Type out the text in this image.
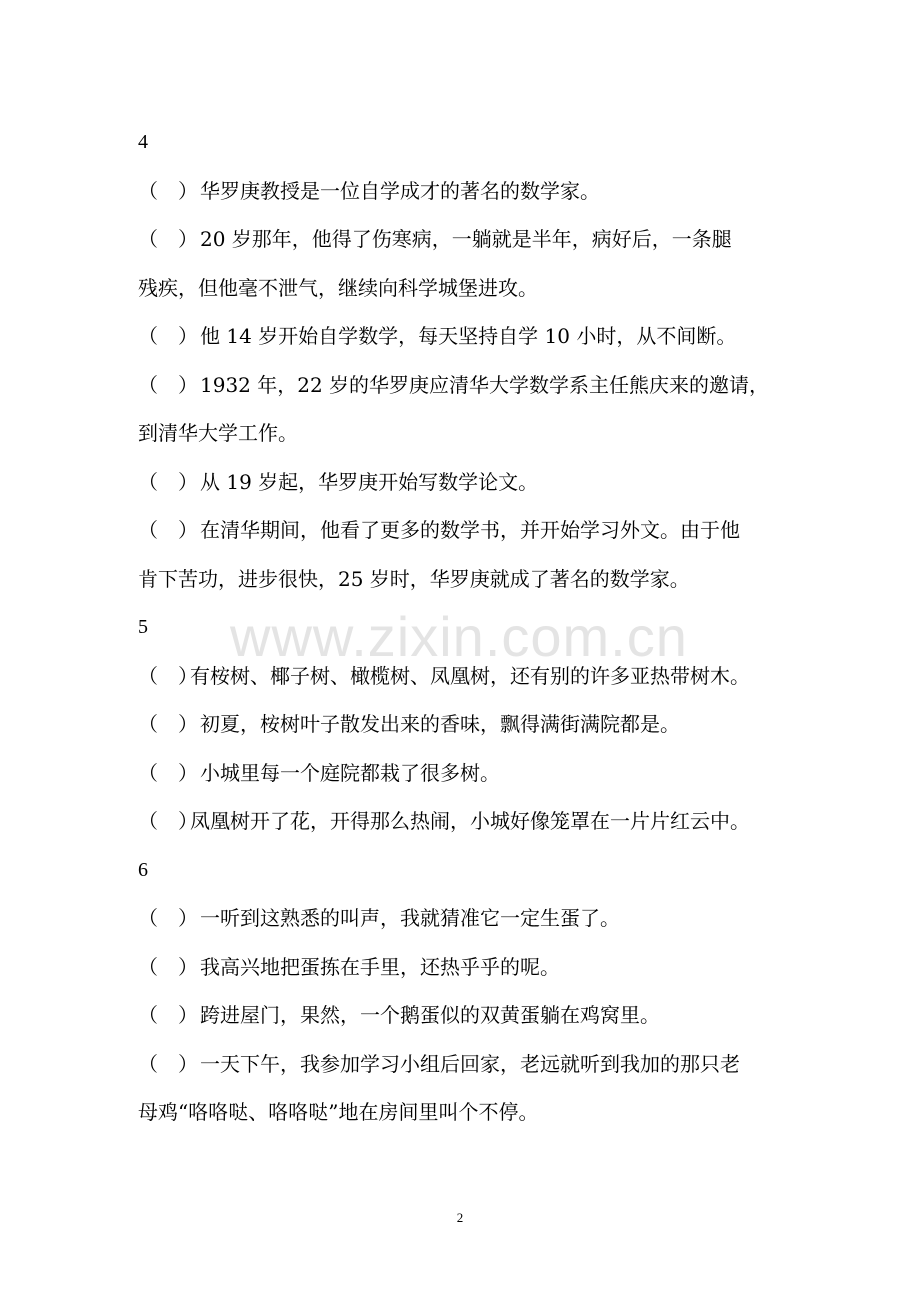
www.zixin.com.cn
4
（　） 华罗庚教授是一位自学成才的著名的数学家。
（　） 20 岁那年，他得了伤寒病，一躺就是半年，病好后，一条腿
残疾，但他毫不泄气，继续向科学城堡进攻。
（　） 他 14 岁开始自学数学，每天坚持自学 10 小时，从不间断。
（　） 1932 年，22 岁的华罗庚应清华大学数学系主任熊庆来的邀请，
到清华大学工作。
（　） 从 19 岁起，华罗庚开始写数学论文。
（　） 在清华期间，他看了更多的数学书，并开始学习外文。由于他
肯下苦功，进步很快，25 岁时，华罗庚就成了著名的数学家。
5
（　）有桉树、椰子树、橄榄树、凤凰树，还有别的许多亚热带树木。
（　） 初夏，桉树叶子散发出来的香味，飘得满街满院都是。
（　） 小城里每一个庭院都栽了很多树。
（　）凤凰树开了花，开得那么热闹，小城好像笼罩在一片片红云中。
6
（　） 一听到这熟悉的叫声，我就猜准它一定生蛋了。
（　） 我高兴地把蛋拣在手里，还热乎乎的呢。
（　） 跨进屋门，果然，一个鹅蛋似的双黄蛋躺在鸡窝里。
（　） 一天下午，我参加学习小组后回家，老远就听到我加的那只老
母鸡“咯咯哒、咯咯哒”地在房间里叫个不停。
2
